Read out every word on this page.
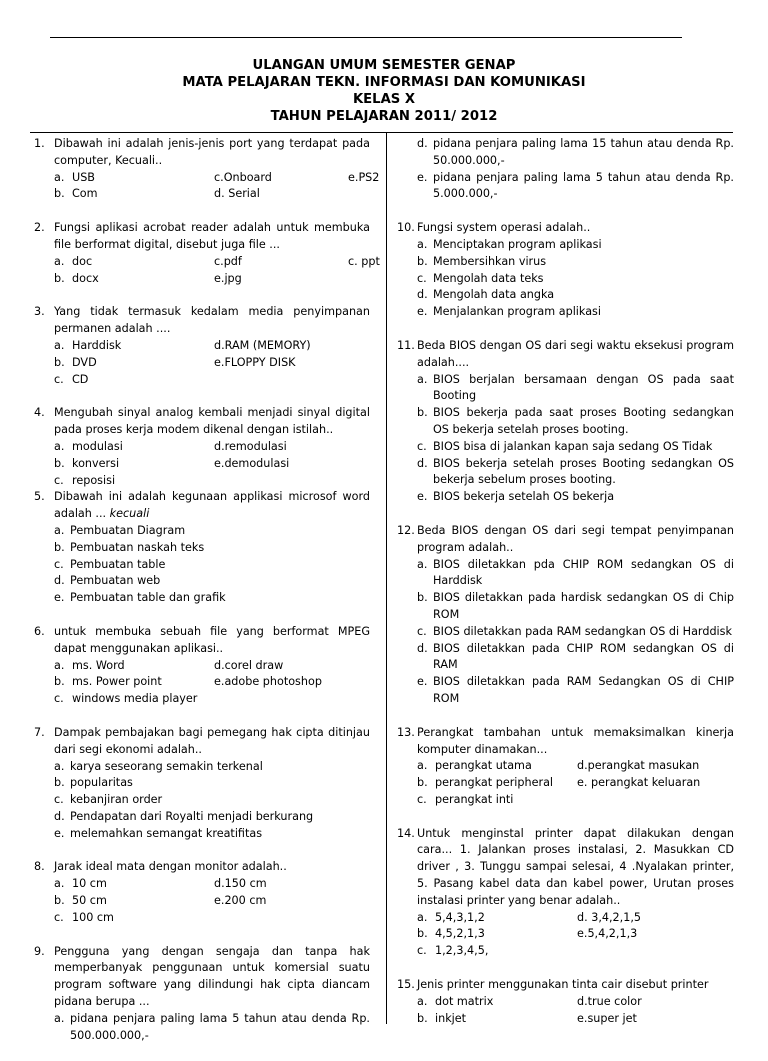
ULANGAN UMUM SEMESTER GENAP
MATA PELAJARAN TEKN. INFORMASI DAN KOMUNIKASI
KELAS X
TAHUN PELAJARAN 2011/ 2012
1. Dibawah ini adalah jenis-jenis port yang terdapat pada computer, Kecuali..
a. USB	c.Onboard	e.PS2
b. Com	d. Serial
2. Fungsi aplikasi acrobat reader adalah untuk membuka file berformat digital, disebut juga file ...
a. doc	c.pdf	c. ppt
b. docx	e.jpg
3. Yang tidak termasuk kedalam media penyimpanan permanen adalah ....
a. Harddisk	d.RAM (MEMORY)
b. DVD	e.FLOPPY DISK
c. CD
4. Mengubah sinyal analog kembali menjadi sinyal digital pada proses kerja modem dikenal dengan istilah..
a. modulasi	d.remodulasi
b. konversi	e.demodulasi
c. reposisi
5. Dibawah ini adalah kegunaan applikasi microsof word adalah ... kecuali
a. Pembuatan Diagram
b. Pembuatan naskah teks
c. Pembuatan table
d. Pembuatan web
e. Pembuatan table dan grafik
6. untuk membuka sebuah file yang berformat MPEG dapat menggunakan aplikasi..
a. ms. Word	d.corel draw
b. ms. Power point	e.adobe photoshop
c. windows media player
7. Dampak pembajakan bagi pemegang hak cipta ditinjau dari segi ekonomi adalah..
a. karya seseorang semakin terkenal
b. popularitas
c. kebanjiran order
d. Pendapatan dari Royalti menjadi berkurang
e. melemahkan semangat kreatifitas
8. Jarak ideal mata dengan monitor adalah..
a. 10 cm	d.150 cm
b. 50 cm	e.200 cm
c. 100 cm
9. Pengguna yang dengan sengaja dan tanpa hak memperbanyak penggunaan untuk komersial suatu program software yang dilindungi hak cipta diancam pidana berupa ...
a. pidana penjara paling lama 5 tahun atau denda Rp. 500.000.000,-
d. pidana penjara paling lama 15 tahun atau denda Rp. 50.000.000,-
e. pidana penjara paling lama 5 tahun atau denda Rp. 5.000.000,-
10. Fungsi system operasi adalah..
a. Menciptakan program aplikasi
b. Membersihkan virus
c. Mengolah data teks
d. Mengolah data angka
e. Menjalankan program aplikasi
11. Beda BIOS dengan OS dari segi waktu eksekusi program adalah....
a. BIOS berjalan bersamaan dengan OS pada saat Booting
b. BIOS bekerja pada saat proses Booting sedangkan OS bekerja setelah proses booting.
c. BIOS bisa di jalankan kapan saja sedang OS Tidak
d. BIOS bekerja setelah proses Booting sedangkan OS bekerja sebelum proses booting.
e. BIOS bekerja setelah OS bekerja
12. Beda BIOS dengan OS dari segi tempat penyimpanan program adalah..
a. BIOS diletakkan pda CHIP ROM sedangkan OS di Harddisk
b. BIOS diletakkan pada hardisk sedangkan OS di Chip ROM
c. BIOS diletakkan pada RAM sedangkan OS di Harddisk
d. BIOS diletakkan pada CHIP ROM sedangkan OS di RAM
e. BIOS diletakkan pada RAM Sedangkan OS di CHIP ROM
13. Perangkat tambahan untuk memaksimalkan kinerja komputer dinamakan...
a. perangkat utama	d.perangkat masukan
b. perangkat peripheral e. perangkat keluaran
c. perangkat inti
14. Untuk menginstal printer dapat dilakukan dengan cara... 1. Jalankan proses instalasi, 2. Masukkan CD driver , 3. Tunggu sampai selesai, 4 .Nyalakan printer, 5. Pasang kabel data dan kabel power, Urutan proses instalasi printer yang benar adalah..
a. 5,4,3,1,2	d. 3,4,2,1,5
b. 4,5,2,1,3	e.5,4,2,1,3
c. 1,2,3,4,5,
15. Jenis printer menggunakan tinta cair disebut printer
a. dot matrix	d.true color
b. inkjet	e.super jet
